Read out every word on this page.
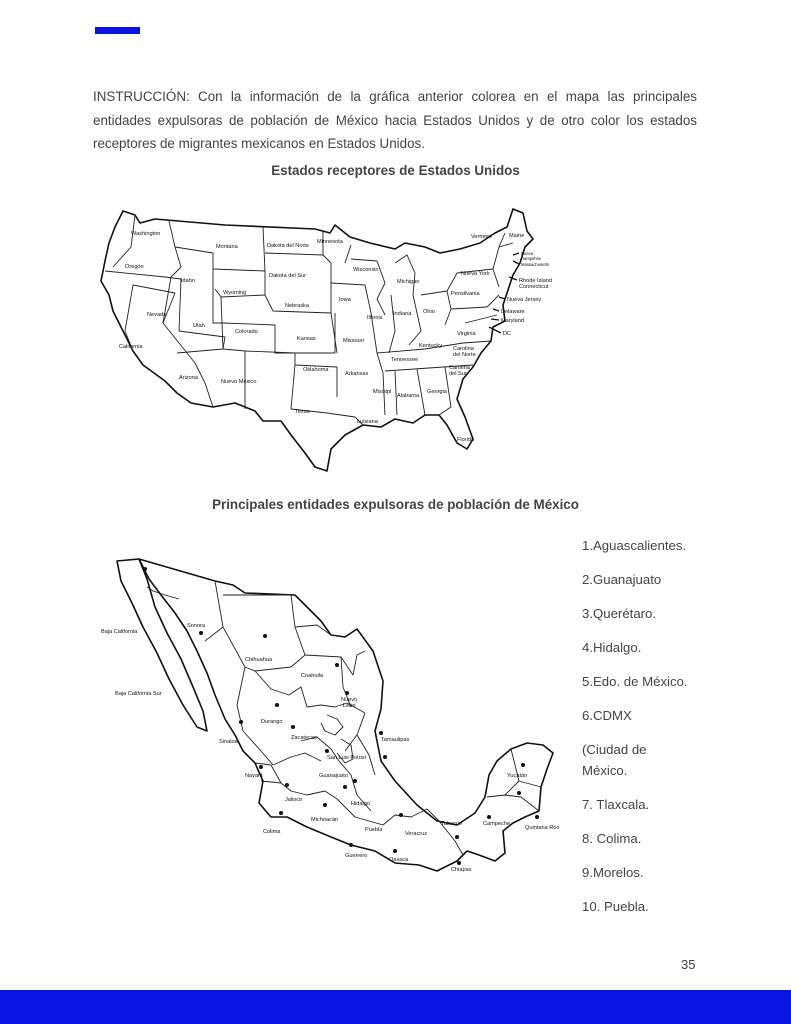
INSTRUCCIÓN: Con la información de la gráfica anterior colorea en el mapa las principales entidades expulsoras de población de México hacia Estados Unidos y de otro color los estados receptores de migrantes mexicanos en Estados Unidos.

Estados receptores de Estados Unidos
Washington
Oregón
Idaho
Montana	Dakota del Norte
Minnesota
Dakota del Sur
Wyoming
Nevada
California
Utah
Colorado
Nebraska
Iowa
Wisconsin
Michigan
Illinois
Indiana Ohio
Kansas	Missouri
Arizona
Nuevo México
Oklahoma
Texas
Arkansas
Luisiana
Misisipi
Alabama
Georgia
Tennessee
Kentucky
Florida
Carolina
del Sur
Carolina
del Norte
Virginia
Pensilvania
Nueva York
Vermont	Maine
Nueva
Hampshire
Massachusetts
Rhode Island
Connecticut
Nueva Jersey
Delaware
Maryland
DC
Principales entidades expulsoras de población de México
Sonora
Baja California
Baja California Sur
Chihuahua
Coahuila
Nuevo
León
Durango
Sinaloa
Zacatecas	Tamaulipas
San Luis Potosí
Nayarit	Guanajuato
Jalisco
Colima
Michoacán
Hidalgo
Veracruz
Puebla
Guerrero
Oaxaca
Tabasco	Campeche
Yucatán
Quintana Roo
Chiapas
1.Aguascalientes.
2.Guanajuato
3.Querétaro.
4.Hidalgo.
5.Edo. de México.
6.CDMX
(Ciudad de
México.
7. Tlaxcala.
8. Colima.
9.Morelos.
10. Puebla.
35
